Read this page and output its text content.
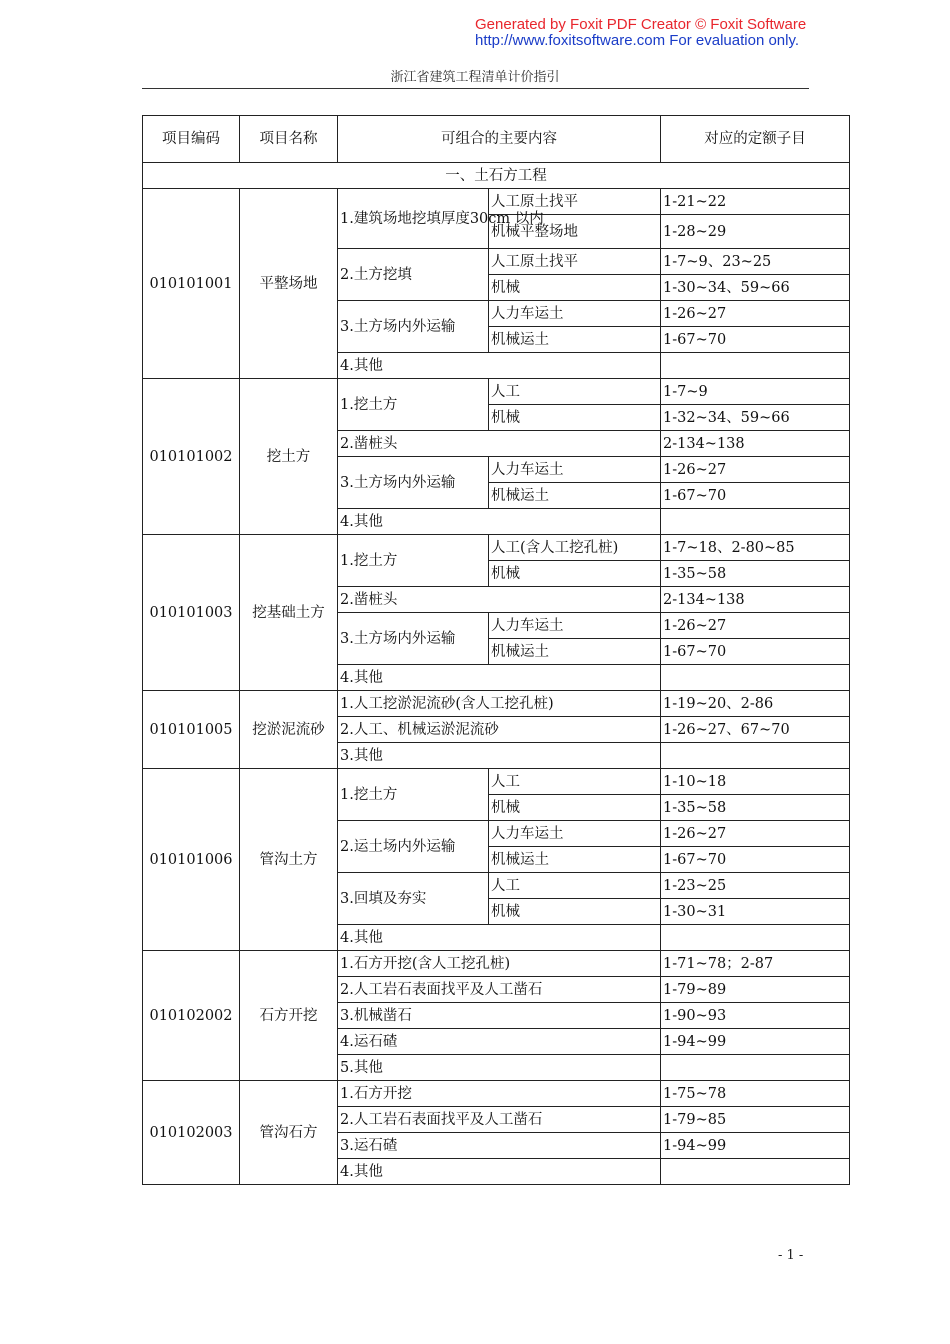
Generated by Foxit PDF Creator © Foxit Software
http://www.foxitsoftware.com For evaluation only.
浙江省建筑工程清单计价指引
项目编码	项目名称	可组合的主要内容		对应的定额子目
一、土石方工程				
010101001	平整场地	1.建筑场地挖填厚度30cm 以内	人工原土找平	1-21~22
			机械平整场地	1-28~29
		2.土方挖填	人工原土找平	1-7~9、23~25
			机械	1-30~34、59~66
		3.土方场内外运输	人力车运土	1-26~27
			机械运土	1-67~70
		4.其他		
010101002	挖土方	1.挖土方	人工	1-7~9
			机械	1-32~34、59~66
		2.凿桩头		2-134~138
		3.土方场内外运输	人力车运土	1-26~27
			机械运土	1-67~70
		4.其他		
010101003	挖基础土方	1.挖土方	人工(含人工挖孔桩)	1-7~18、2-80~85
			机械	1-35~58
		2.凿桩头		2-134~138
		3.土方场内外运输	人力车运土	1-26~27
			机械运土	1-67~70
		4.其他		
010101005	挖淤泥流砂	1.人工挖淤泥流砂(含人工挖孔桩)		1-19~20、2-86
		2.人工、机械运淤泥流砂		1-26~27、67~70
		3.其他		
010101006	管沟土方	1.挖土方	人工	1-10~18
			机械	1-35~58
		2.运土场内外运输	人力车运土	1-26~27
			机械运土	1-67~70
		3.回填及夯实	人工	1-23~25
			机械	1-30~31
		4.其他		
010102002	石方开挖	1.石方开挖(含人工挖孔桩)		1-71~78；2-87
		2.人工岩石表面找平及人工凿石		1-79~89
		3.机械凿石		1-90~93
		4.运石碴		1-94~99
		5.其他		
010102003	管沟石方	1.石方开挖		1-75~78
		2.人工岩石表面找平及人工凿石		1-79~85
		3.运石碴		1-94~99
		4.其他		
- 1 -
